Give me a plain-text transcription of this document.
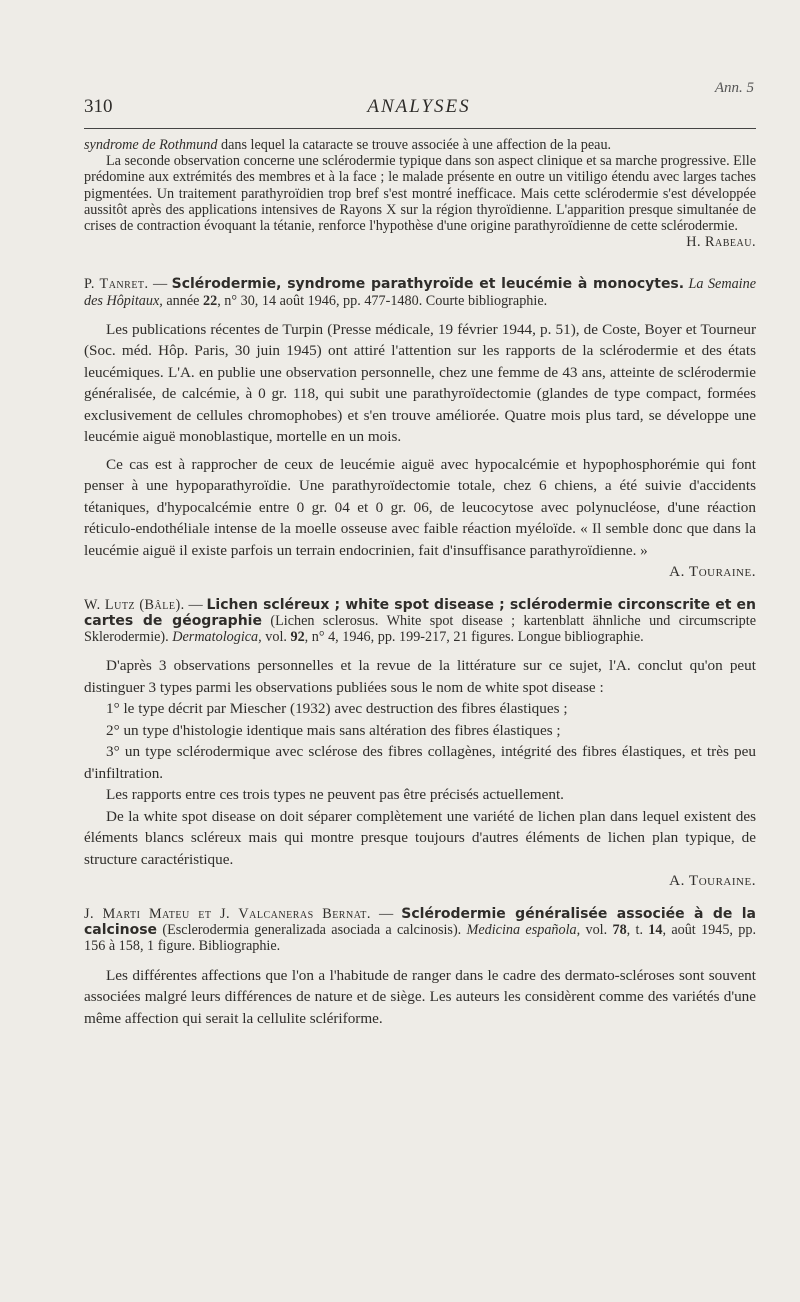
Ann. 5
310	ANALYSES

syndrome de Rothmund dans lequel la cataracte se trouve associée à une affection de la peau.

La seconde observation concerne une sclérodermie typique dans son aspect clinique et sa marche progressive. Elle prédomine aux extrémités des membres et à la face ; le malade présente en outre un vitiligo étendu avec larges taches pigmentées. Un traitement parathyroïdien trop bref s'est montré inefficace. Mais cette sclérodermie s'est développée aussitôt après des applications intensives de Rayons X sur la région thyroïdienne. L'apparition presque simultanée de crises de contraction évoquant la tétanie, renforce l'hypothèse d'une origine parathyroïdienne de cette sclérodermie.

H. Rabeau.

P. Tanret. — Sclérodermie, syndrome parathyroïde et leucémie à monocytes. La Semaine des Hôpitaux, année 22, n° 30, 14 août 1946, pp. 477-1480. Courte bibliographie.

Les publications récentes de Turpin (Presse médicale, 19 février 1944, p. 51), de Coste, Boyer et Tourneur (Soc. méd. Hôp. Paris, 30 juin 1945) ont attiré l'attention sur les rapports de la sclérodermie et des états leucémiques. L'A. en publie une observation personnelle, chez une femme de 43 ans, atteinte de sclérodermie généralisée, de calcémie, à 0 gr. 118, qui subit une parathyroïdectomie (glandes de type compact, formées exclusivement de cellules chromophobes) et s'en trouve améliorée. Quatre mois plus tard, se développe une leucémie aiguë monoblastique, mortelle en un mois.

Ce cas est à rapprocher de ceux de leucémie aiguë avec hypocalcémie et hypophosphorémie qui font penser à une hypoparathyroïdie. Une parathyroïdectomie totale, chez 6 chiens, a été suivie d'accidents tétaniques, d'hypocalcémie entre 0 gr. 04 et 0 gr. 06, de leucocytose avec polynucléose, d'une réaction réticulo-endothéliale intense de la moelle osseuse avec faible réaction myéloïde. « Il semble donc que dans la leucémie aiguë il existe parfois un terrain endocrinien, fait d'insuffisance parathyroïdienne. »

A. Touraine.

W. Lutz (Bâle). — Lichen scléreux ; white spot disease ; sclérodermie circonscrite et en cartes de géographie (Lichen sclerosus. White spot disease ; kartenblatt ähnliche und circumscripte Sklerodermie). Dermatologica, vol. 92, n° 4, 1946, pp. 199-217, 21 figures. Longue bibliographie.

D'après 3 observations personnelles et la revue de la littérature sur ce sujet, l'A. conclut qu'on peut distinguer 3 types parmi les observations publiées sous le nom de white spot disease :

1° le type décrit par Miescher (1932) avec destruction des fibres élastiques ;

2° un type d'histologie identique mais sans altération des fibres élastiques ;

3° un type sclérodermique avec sclérose des fibres collagènes, intégrité des fibres élastiques, et très peu d'infiltration.

Les rapports entre ces trois types ne peuvent pas être précisés actuellement.

De la white spot disease on doit séparer complètement une variété de lichen plan dans lequel existent des éléments blancs scléreux mais qui montre presque toujours d'autres éléments de lichen plan typique, de structure caractéristique.

A. Touraine.

J. Marti Mateu et J. Valcaneras Bernat. — Sclérodermie généralisée associée à de la calcinose (Esclerodermia generalizada asociada a calcinosis). Medicina española, vol. 78, t. 14, août 1945, pp. 156 à 158, 1 figure. Bibliographie.

Les différentes affections que l'on a l'habitude de ranger dans le cadre des dermato-scléroses sont souvent associées malgré leurs différences de nature et de siège. Les auteurs les considèrent comme des variétés d'une même affection qui serait la cellulite sclériforme.
